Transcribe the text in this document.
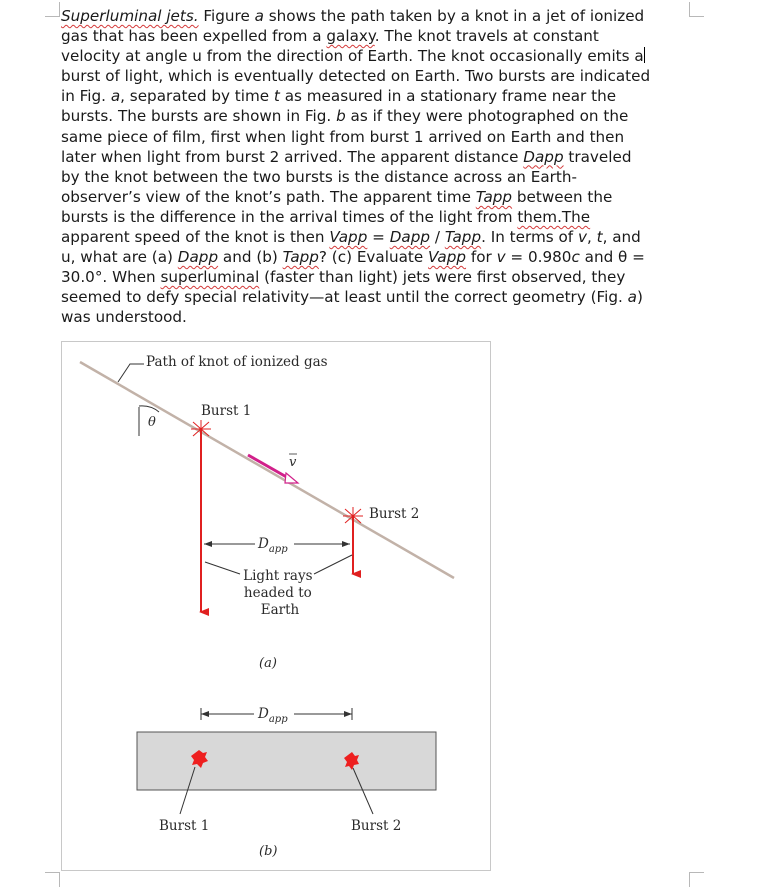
Superluminal jets. Figure a shows the path taken by a knot in a jet of ionized
gas that has been expelled from a galaxy. The knot travels at constant
velocity at angle u from the direction of Earth. The knot occasionally emits a
burst of light, which is eventually detected on Earth. Two bursts are indicated
in Fig. a, separated by time t as measured in a stationary frame near the
bursts. The bursts are shown in Fig. b as if they were photographed on the
same piece of film, first when light from burst 1 arrived on Earth and then
later when light from burst 2 arrived. The apparent distance Dapp traveled
by the knot between the two bursts is the distance across an Earth-
observer’s view of the knot’s path. The apparent time Tapp between the
bursts is the difference in the arrival times of the light from them.The
apparent speed of the knot is then Vapp = Dapp / Tapp. In terms of v, t, and
u, what are (a) Dapp and (b) Tapp? (c) Evaluate Vapp for v = 0.980c and θ =
30.0°. When superluminal (faster than light) jets were first observed, they
seemed to defy special relativity—at least until the correct geometry (Fig. a)
was understood.
Path of knot of ionized gas
θ
Burst 1
v
Burst 2
$D_{app}$
Light rays headed to Earth
(a)
$D_{app}$
Burst 1	Burst 2
(b)
